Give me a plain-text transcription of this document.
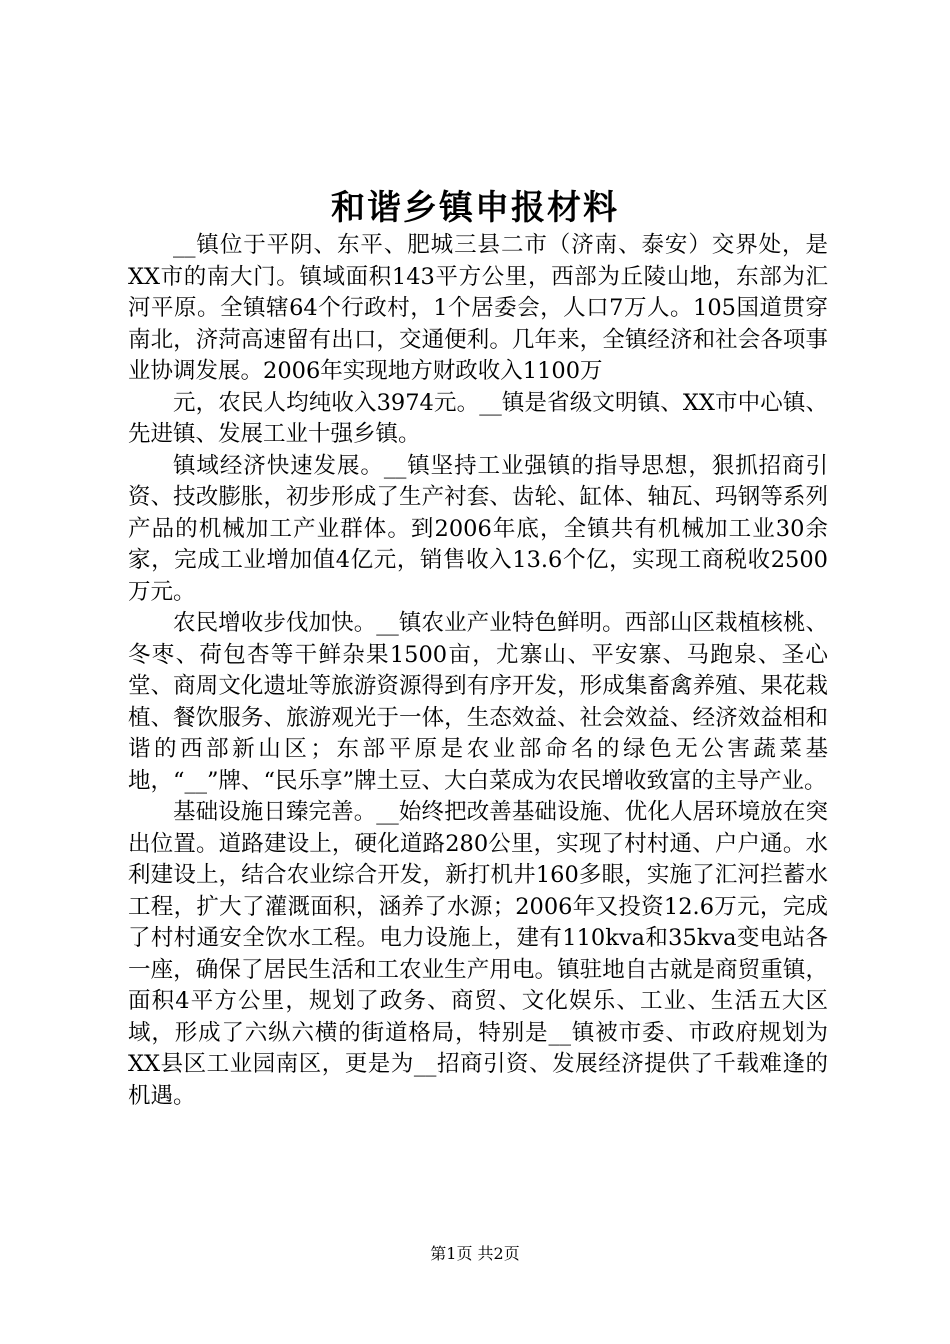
和谐乡镇申报材料

__镇位于平阴、东平、肥城三县二市（济南、泰安）交界处，是XX市的南大门。镇域面积143平方公里，西部为丘陵山地，东部为汇河平原。全镇辖64个行政村，1个居委会，人口7万人。105国道贯穿南北，济菏高速留有出口，交通便利。几年来，全镇经济和社会各项事业协调发展。2006年实现地方财政收入1100万

元，农民人均纯收入3974元。__镇是省级文明镇、XX市中心镇、先进镇、发展工业十强乡镇。

镇域经济快速发展。__镇坚持工业强镇的指导思想，狠抓招商引资、技改膨胀，初步形成了生产衬套、齿轮、缸体、轴瓦、玛钢等系列产品的机械加工产业群体。到2006年底，全镇共有机械加工业30余家，完成工业增加值4亿元，销售收入13.6个亿，实现工商税收2500万元。

农民增收步伐加快。__镇农业产业特色鲜明。西部山区栽植核桃、冬枣、荷包杏等干鲜杂果1500亩，尤寨山、平安寨、马跑泉、圣心堂、商周文化遗址等旅游资源得到有序开发，形成集畜禽养殖、果花栽植、餐饮服务、旅游观光于一体，生态效益、社会效益、经济效益相和谐的西部新山区；东部平原是农业部命名的绿色无公害蔬菜基地，“__”牌、“民乐享”牌土豆、大白菜成为农民增收致富的主导产业。

基础设施日臻完善。__始终把改善基础设施、优化人居环境放在突出位置。道路建设上，硬化道路280公里，实现了村村通、户户通。水利建设上，结合农业综合开发，新打机井160多眼，实施了汇河拦蓄水工程，扩大了灌溉面积，涵养了水源；2006年又投资12.6万元，完成了村村通安全饮水工程。电力设施上，建有110kva和35kva变电站各一座，确保了居民生活和工农业生产用电。镇驻地自古就是商贸重镇，面积4平方公里，规划了政务、商贸、文化娱乐、工业、生活五大区域，形成了六纵六横的街道格局，特别是__镇被市委、市政府规划为XX县区工业园南区，更是为__招商引资、发展经济提供了千载难逢的机遇。

第1页 共2页
